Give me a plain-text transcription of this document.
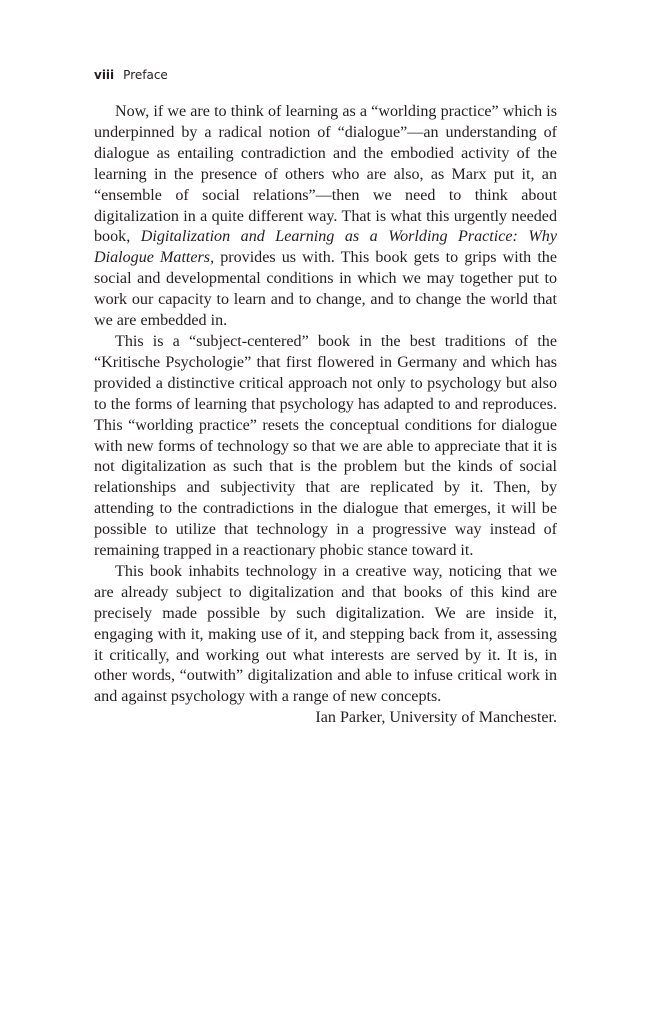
viii Preface

Now, if we are to think of learning as a “worlding practice” which is underpinned by a radical notion of “dialogue”—an understanding of dialogue as entailing contradiction and the embodied activity of the learning in the presence of others who are also, as Marx put it, an “ensemble of social relations”—then we need to think about digitalization in a quite different way. That is what this urgently needed book, Digitalization and Learning as a Worlding Practice: Why Dialogue Matters, provides us with. This book gets to grips with the social and developmental conditions in which we may together put to work our capacity to learn and to change, and to change the world that we are embedded in.

This is a “subject-centered” book in the best traditions of the “Kritische Psychologie” that first flowered in Germany and which has provided a distinctive critical approach not only to psychology but also to the forms of learning that psychology has adapted to and reproduces. This “worlding practice” resets the conceptual conditions for dialogue with new forms of technology so that we are able to appreciate that it is not digitalization as such that is the problem but the kinds of social relationships and subjectivity that are replicated by it. Then, by attending to the contradictions in the dialogue that emerges, it will be possible to utilize that technology in a progressive way instead of remaining trapped in a reactionary phobic stance toward it.

This book inhabits technology in a creative way, noticing that we are already subject to digitalization and that books of this kind are precisely made possible by such digitalization. We are inside it, engaging with it, making use of it, and stepping back from it, assessing it critically, and working out what interests are served by it. It is, in other words, “outwith” digitalization and able to infuse critical work in and against psychology with a range of new concepts.

Ian Parker, University of Manchester.
